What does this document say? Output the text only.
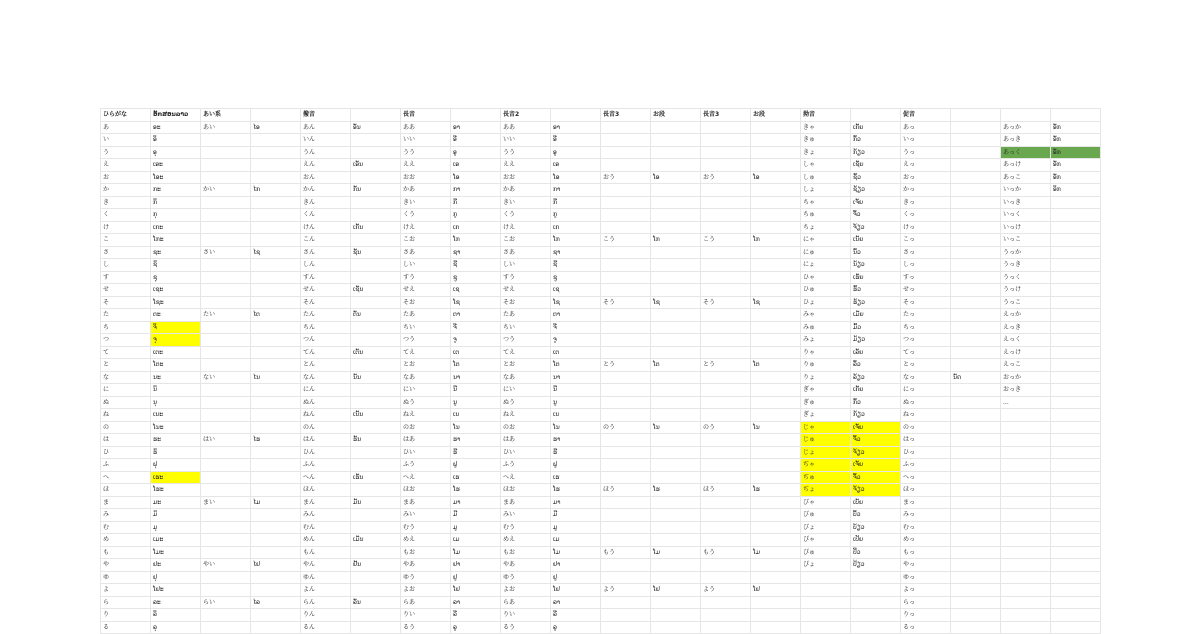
ひらがな	ອັກສອນລາວ	あい系		撥音		長音		長音2		長音3	お段	長音3	お段	拗音		促音			
あ	ອະ	あい	ໄອ	あん	ອັນ	ああ	ອາ	ああ	ອາ					きゃ	ເກັຍ	あっ		あっか	ອັກ
い	ອິ			いん		いい	ອີ	いい	ອີ					きゅ	ກິ້ວ	いっ		あっき	ອັກ
う	ອຸ			うん		うう	ອູ	うう	ອູ					きょ	ກ້ຽວ	うっ		あっく	ອັກ
え	ເອະ			えん	ເອັນ	ええ	ເອ	ええ	ເອ					しゃ	ເຊັຍ	えっ		あっけ	ອັກ
お	ໂອະ			おん		おお	ໂອ	おお	ໂອ	おう	ໂອ	おう	ໂອ	しゅ	ຊິ້ວ	おっ		あっこ	ອັກ
か	ກະ	かい	ໄກ	かん	ກັນ	かあ	ກາ	かあ	ກາ					しょ	ຊ້ຽວ	かっ		いっか	ອິກ
き	ກິ			きん		きい	ກີ	きい	ກີ					ちゃ	ເຈັຍ	きっ		いっき	
く	ກຸ			くん		くう	ກູ	くう	ກູ					ちゅ	ຈິ້ວ	くっ		いっく	
け	ເກະ			けん	ເກັນ	けえ	ເກ	けえ	ເກ					ちょ	ຈ້ຽວ	けっ		いっけ	
こ	ໂກະ			こん		こお	ໂກ	こお	ໂກ	こう	ໂກ	こう	ໂກ	にゃ	ເນັຍ	こっ		いっこ	
さ	ຊະ	さい	ໄຊ	さん	ຊັນ	さあ	ຊາ	さあ	ຊາ					にゅ	ນິ້ວ	さっ		うっか	
し	ຊິ			しん		しい	ຊີ	しい	ຊີ					にょ	ນ້ຽວ	しっ		うっき	
す	ຊຸ			すん		すう	ຊູ	すう	ຊູ					ひゃ	ເຮັຍ	すっ		うっく	
せ	ເຊະ			せん	ເຊັນ	せえ	ເຊ	せえ	ເຊ					ひゅ	ຮິ້ວ	せっ		うっけ	
そ	ໂຊະ			そん		そお	ໂຊ	そお	ໂຊ	そう	ໂຊ	そう	ໂຊ	ひょ	ຮ້ຽວ	そっ		うっこ	
た	ຕະ	たい	ໄຕ	たん	ຕັນ	たあ	ຕາ	たあ	ຕາ					みゃ	ເມັຍ	たっ		えっか	
ち	ຈິ			ちん		ちい	ຈີ	ちい	ຈີ					みゅ	ມິ້ວ	ちっ		えっき	
つ	ຈຸ			つん		つう	ຈູ	つう	ຈູ					みょ	ມ້ຽວ	つっ		えっく	
て	ເຕະ			てん	ເຕັນ	てえ	ເຕ	てえ	ເຕ					りゃ	ເລັຍ	てっ		えっけ	
と	ໂຕະ			とん		とお	ໂຕ	とお	ໂຕ	とう	ໂຕ	とう	ໂຕ	りゅ	ລິ້ວ	とっ		えっこ	
な	ນະ	ない	ໄນ	なん	ນັນ	なあ	ນາ	なあ	ນາ					りょ	ລ້ຽວ	なっ	ນັດ	おっか	
に	ນິ			にん		にい	ນີ	にい	ນີ					ぎゃ	ເກັຍ	にっ		おっき	
ぬ	ນຸ			ぬん		ぬう	ນູ	ぬう	ນູ					ぎゅ	ກິ້ວ	ぬっ		...	
ね	ເນະ			ねん	ເນັນ	ねえ	ເນ	ねえ	ເນ					ぎょ	ກ້ຽວ	ねっ			
の	ໂນະ			のん		のお	ໂນ	のお	ໂນ	のう	ໂນ	のう	ໂນ	じゃ	ເຈັຍ	のっ			
は	ຮະ	はい	ໄຮ	はん	ຮັນ	はあ	ຮາ	はあ	ຮາ					じゅ	ຈິ້ວ	はっ			
ひ	ຮິ			ひん		ひい	ຮີ	ひい	ຮີ					じょ	ຈ້ຽວ	ひっ			
ふ	ຟຸ			ふん		ふう	ຟູ	ふう	ຟູ					ぢゃ	ເຈັຍ	ふっ			
へ	ເຮະ			へん	ເຮັນ	へえ	ເຮ	へえ	ເຮ					ぢゅ	ຈິ້ວ	へっ			
ほ	ໂຮະ			ほん		ほお	ໂຮ	ほお	ໂຮ	ほう	ໂຮ	ほう	ໂຮ	ぢょ	ຈ້ຽວ	ほっ			
ま	ມະ	まい	ໄມ	まん	ມັນ	まあ	ມາ	まあ	ມາ					びゃ	ເບັຍ	まっ			
み	ມິ			みん		みい	ມີ	みい	ມີ					びゅ	ບິ້ວ	みっ			
む	ມຸ			むん		むう	ມູ	むう	ມູ					びょ	ບ້ຽວ	むっ			
め	ເມະ			めん	ເມັນ	めえ	ເມ	めえ	ເມ					ぴゃ	ເປັຍ	めっ			
も	ໂມະ			もん		もお	ໂມ	もお	ໂມ	もう	ໂມ	もう	ໂມ	ぴゅ	ປິ້ວ	もっ			
や	ຢະ	やい	ໄຢ	やん	ຢັນ	やあ	ຢາ	やあ	ຢາ					ぴょ	ປ້ຽວ	やっ			
ゆ	ຢຸ			ゆん		ゆう	ຢູ	ゆう	ຢູ							ゆっ			
よ	ໂຢະ			よん		よお	ໂຢ	よお	ໂຢ	よう	ໂຢ	よう	ໂຢ			よっ			
ら	ລະ	らい	ໄລ	らん	ລັນ	らあ	ລາ	らあ	ລາ							らっ			
り	ລິ			りん		りい	ລີ	りい	ລີ							りっ			
る	ລຸ			るん		るう	ລູ	るう	ລູ							るっ			
